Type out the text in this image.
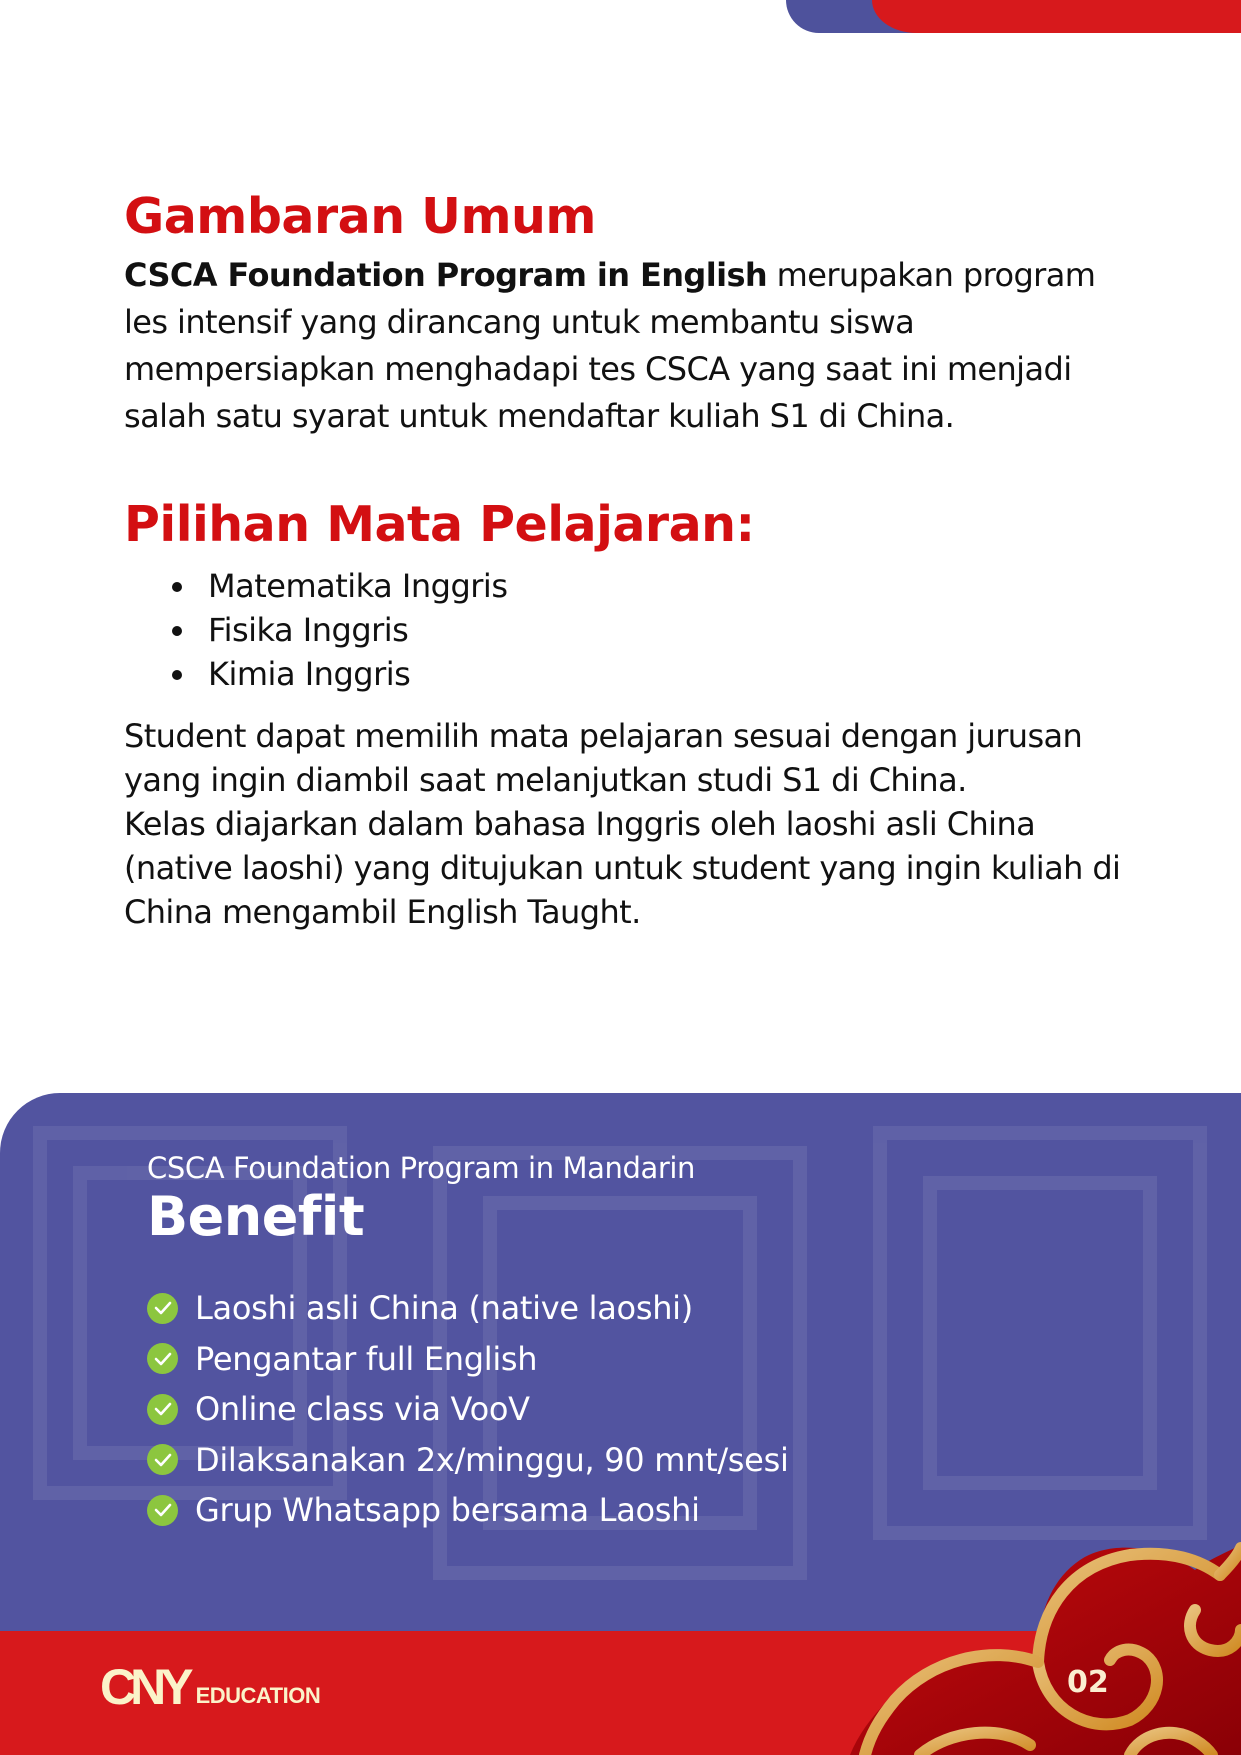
Gambaran Umum

CSCA Foundation Program in English merupakan program les intensif yang dirancang untuk membantu siswa mempersiapkan menghadapi tes CSCA yang saat ini menjadi salah satu syarat untuk mendaftar kuliah S1 di China.

Pilihan Mata Pelajaran:
Matematika Inggris
Fisika Inggris
Kimia Inggris

Student dapat memilih mata pelajaran sesuai dengan jurusan yang ingin diambil saat melanjutkan studi S1 di China.
Kelas diajarkan dalam bahasa Inggris oleh laoshi asli China (native laoshi) yang ditujukan untuk student yang ingin kuliah di China mengambil English Taught.

CSCA Foundation Program in Mandarin
Benefit
Laoshi asli China (native laoshi)
Pengantar full English
Online class via VooV
Dilaksanakan 2x/minggu, 90 mnt/sesi
Grup Whatsapp bersama Laoshi
CNY EDUCATION	02
